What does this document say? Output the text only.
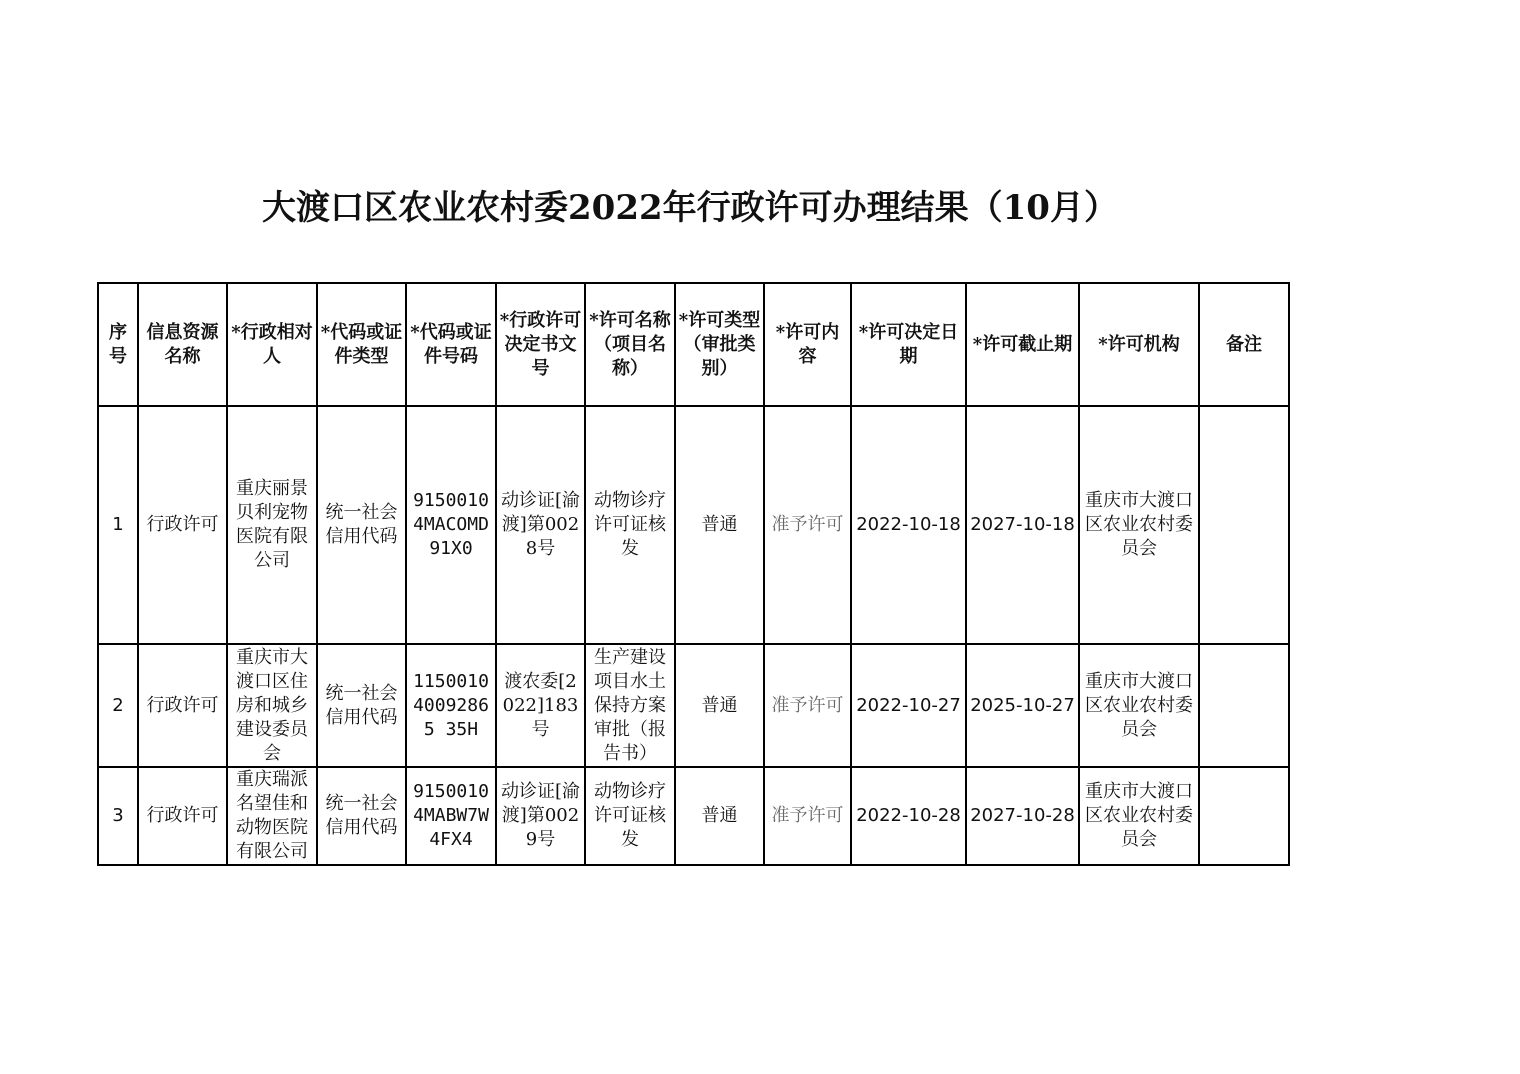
大渡口区农业农村委2022年行政许可办理结果（10月）
序号	信息资源名称	*行政相对人	*代码或证件类型	*代码或证件号码	*行政许可决定书文号	*许可名称（项目名称）	*许可类型（审批类别）	*许可内容	*许可决定日期	*许可截止期	*许可机构	备注
1	行政许可	重庆丽景贝利宠物医院有限公司	统一社会信用代码	91500104MACOMD91X0	动诊证[渝渡]第0028号	动物诊疗许可证核发	普通	准予许可	2022-10-18	2027-10-18	重庆市大渡口区农业农村委员会	
2	行政许可	重庆市大渡口区住房和城乡建设委员会	统一社会信用代码	115001040092865 35H	渡农委[2022]183号	生产建设项目水土保持方案审批（报告书）	普通	准予许可	2022-10-27	2025-10-27	重庆市大渡口区农业农村委员会	
3	行政许可	重庆瑞派名望佳和动物医院有限公司	统一社会信用代码	91500104MABW7W4FX4	动诊证[渝渡]第0029号	动物诊疗许可证核发	普通	准予许可	2022-10-28	2027-10-28	重庆市大渡口区农业农村委员会	
